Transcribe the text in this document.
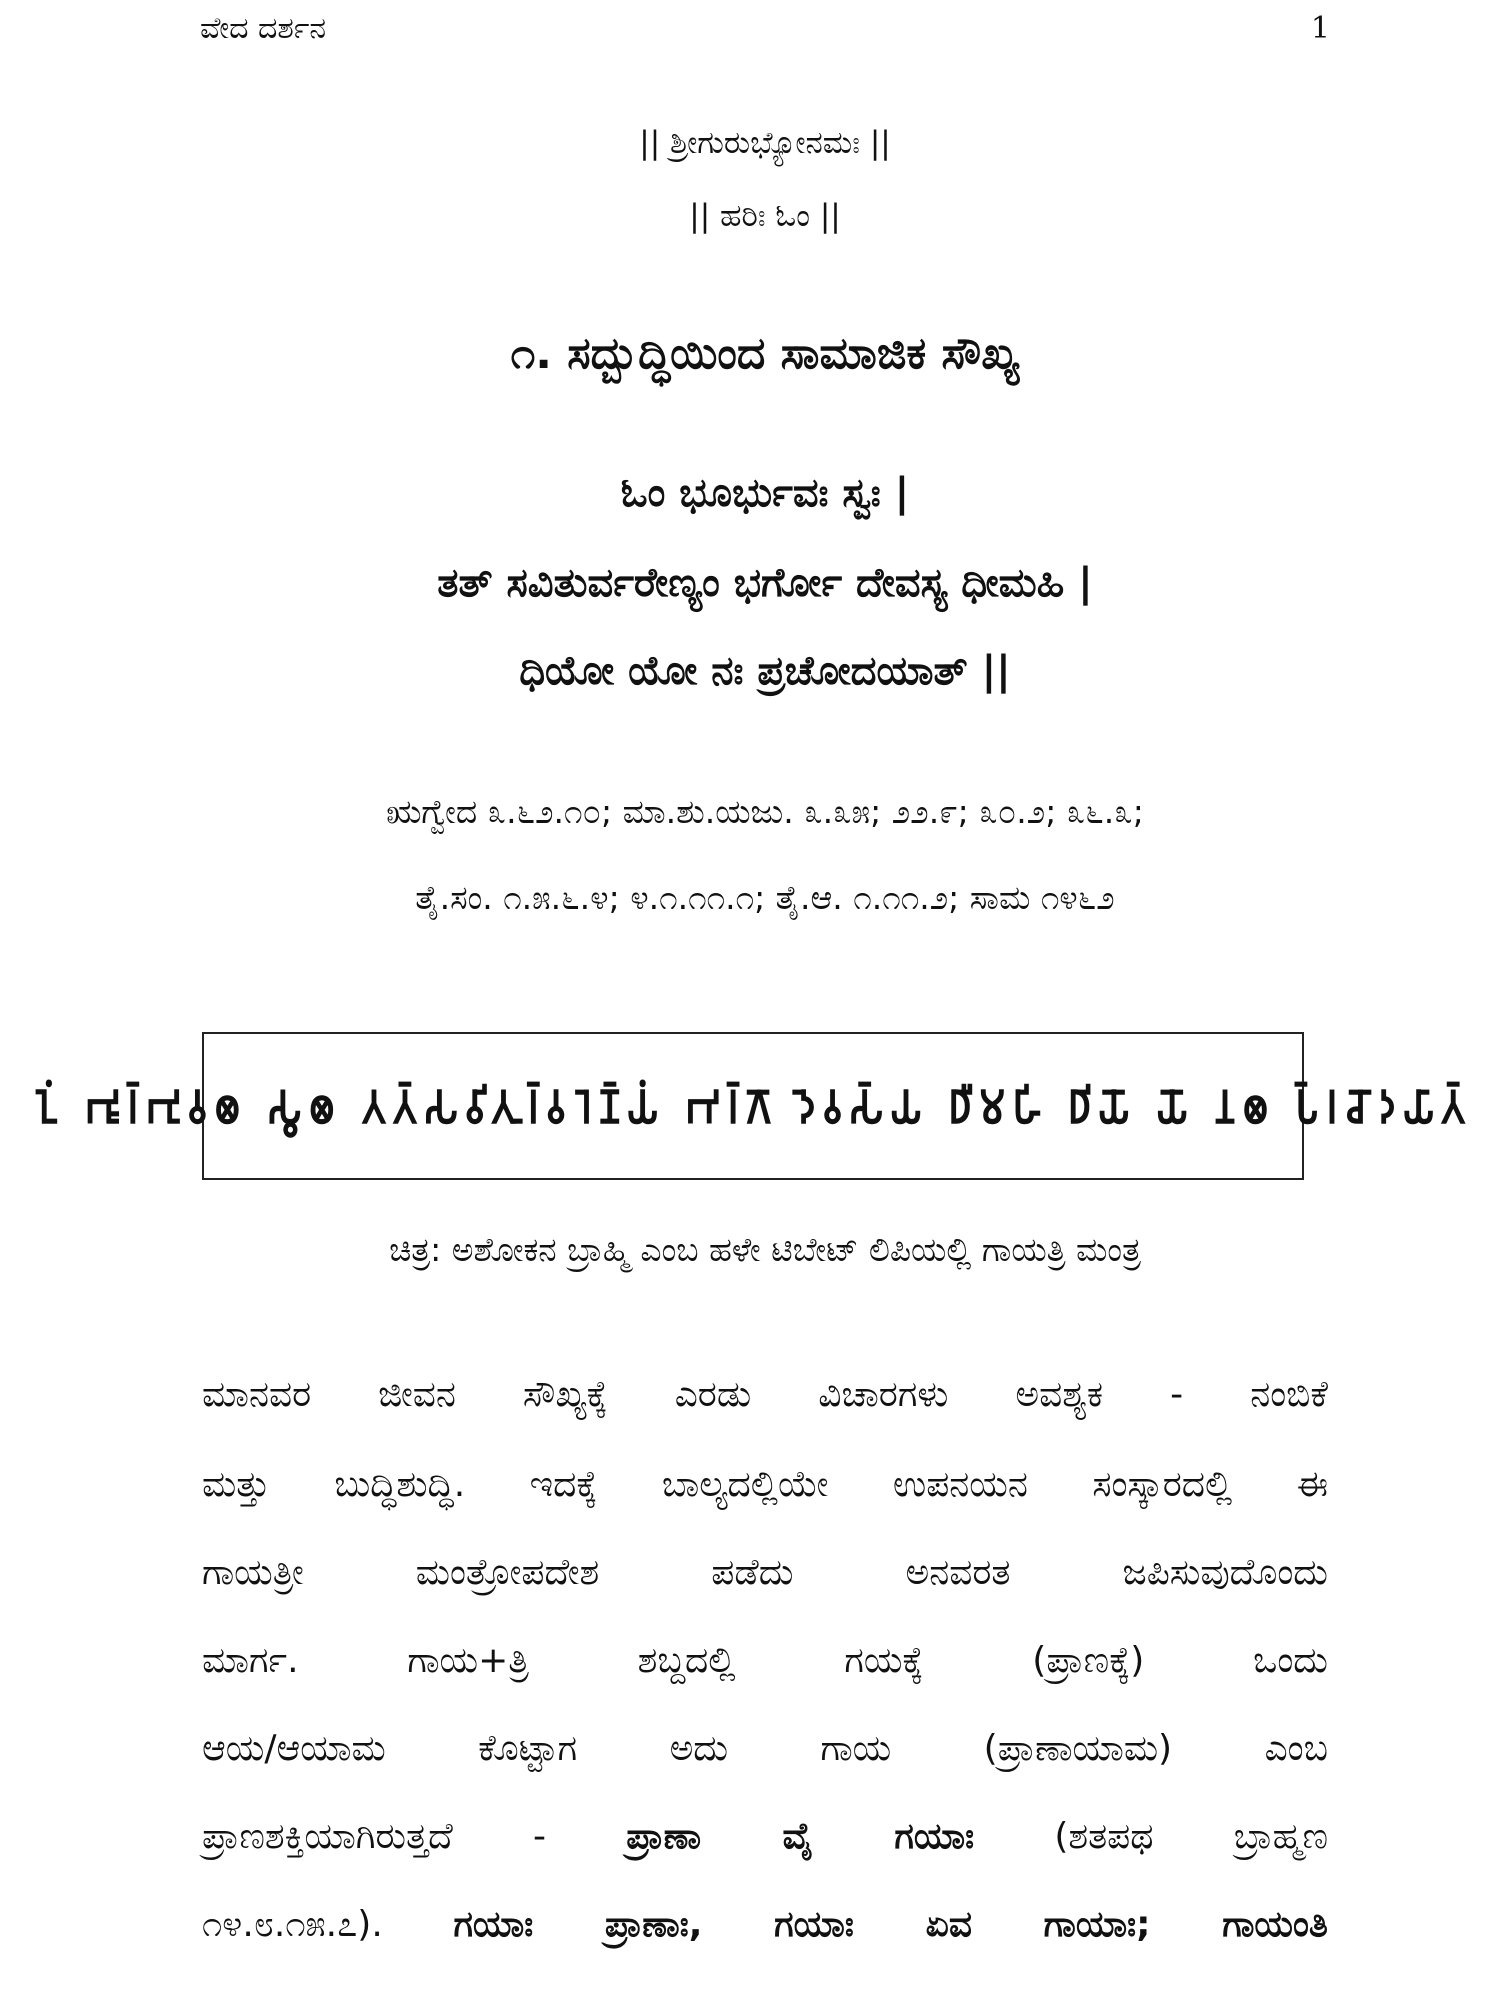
ವೇದ ದರ್ಶನ	1
|| ಶ್ರೀಗುರುಭ್ಯೋನಮಃ ||
|| ಹರಿಃ ಓಂ ||
೧. ಸದ್ಬುದ್ಧಿಯಿಂದ ಸಾಮಾಜಿಕ ಸೌಖ್ಯ
ಓಂ ಭೂರ್ಭುವಃ ಸ್ವಃ |
ತತ್ ಸವಿತುರ್ವರೇಣ್ಯಂ ಭರ್ಗೋ ದೇವಸ್ಯ ಧೀಮಹಿ |
ಧಿಯೋ ಯೋ ನಃ ಪ್ರಚೋದಯಾತ್ ||
ಋಗ್ವೇದ ೩.೬೨.೧೦; ಮಾ.ಶು.ಯಜು. ೩.೩೫; ೨೨.೯; ೩೦.೨; ೩೬.೩;
ತೈ.ಸಂ. ೧.೫.೬.೪; ೪.೧.೧೧.೧; ತೈ.ಆ. ೧.೧೧.೨; ಸಾಮ ೧೪೬೨
𑀑𑀁 𑀪𑀽𑀭𑁆𑀪𑀼𑀯𑀄 𑀲𑁆𑀯𑀄 𑀢𑀢𑁆𑀲𑀯𑀺𑀢𑀼𑀭𑁆𑀯𑀭𑁂𑀡𑁆𑀬𑀁 𑀪𑀭𑁆𑀕𑁄 𑀤𑁂𑀯𑀲𑁆𑀬 𑀥𑀻𑀫𑀳𑀺 𑀥𑀺𑀬𑁄 𑀬𑁄 𑀦𑀄 𑀧𑁆𑀭𑀘𑁄𑀤𑀬𑀸𑀢𑁆
ಚಿತ್ರ: ಅಶೋಕನ ಬ್ರಾಹ್ಮಿ ಎಂಬ ಹಳೇ ಟಿಬೇಟ್ ಲಿಪಿಯಲ್ಲಿ ಗಾಯತ್ರಿ ಮಂತ್ರ
ಮಾನವರ ಜೀವನ ಸೌಖ್ಯಕ್ಕೆ ಎರಡು ವಿಚಾರಗಳು ಅವಶ್ಯಕ - ನಂಬಿಕೆ
ಮತ್ತು ಬುದ್ಧಿಶುದ್ಧಿ. ಇದಕ್ಕೆ ಬಾಲ್ಯದಲ್ಲಿಯೇ ಉಪನಯನ ಸಂಸ್ಕಾರದಲ್ಲಿ ಈ
ಗಾಯತ್ರೀ ಮಂತ್ರೋಪದೇಶ ಪಡೆದು ಅನವರತ ಜಪಿಸುವುದೊಂದು
ಮಾರ್ಗ. ಗಾಯ+ತ್ರಿ ಶಬ್ದದಲ್ಲಿ ಗಯಕ್ಕೆ (ಪ್ರಾಣಕ್ಕೆ) ಒಂದು
ಆಯ/ಆಯಾಮ ಕೊಟ್ಟಾಗ ಅದು ಗಾಯ (ಪ್ರಾಣಾಯಾಮ) ಎಂಬ
ಪ್ರಾಣಶಕ್ತಿಯಾಗಿರುತ್ತದೆ - ಪ್ರಾಣಾ ವೈ ಗಯಾಃ (ಶತಪಥ ಬ್ರಾಹ್ಮಣ
೧೪.೮.೧೫.೭). ಗಯಾಃ ಪ್ರಾಣಾಃ, ಗಯಾಃ ಏವ ಗಾಯಾಃ; ಗಾಯಂತಿ
